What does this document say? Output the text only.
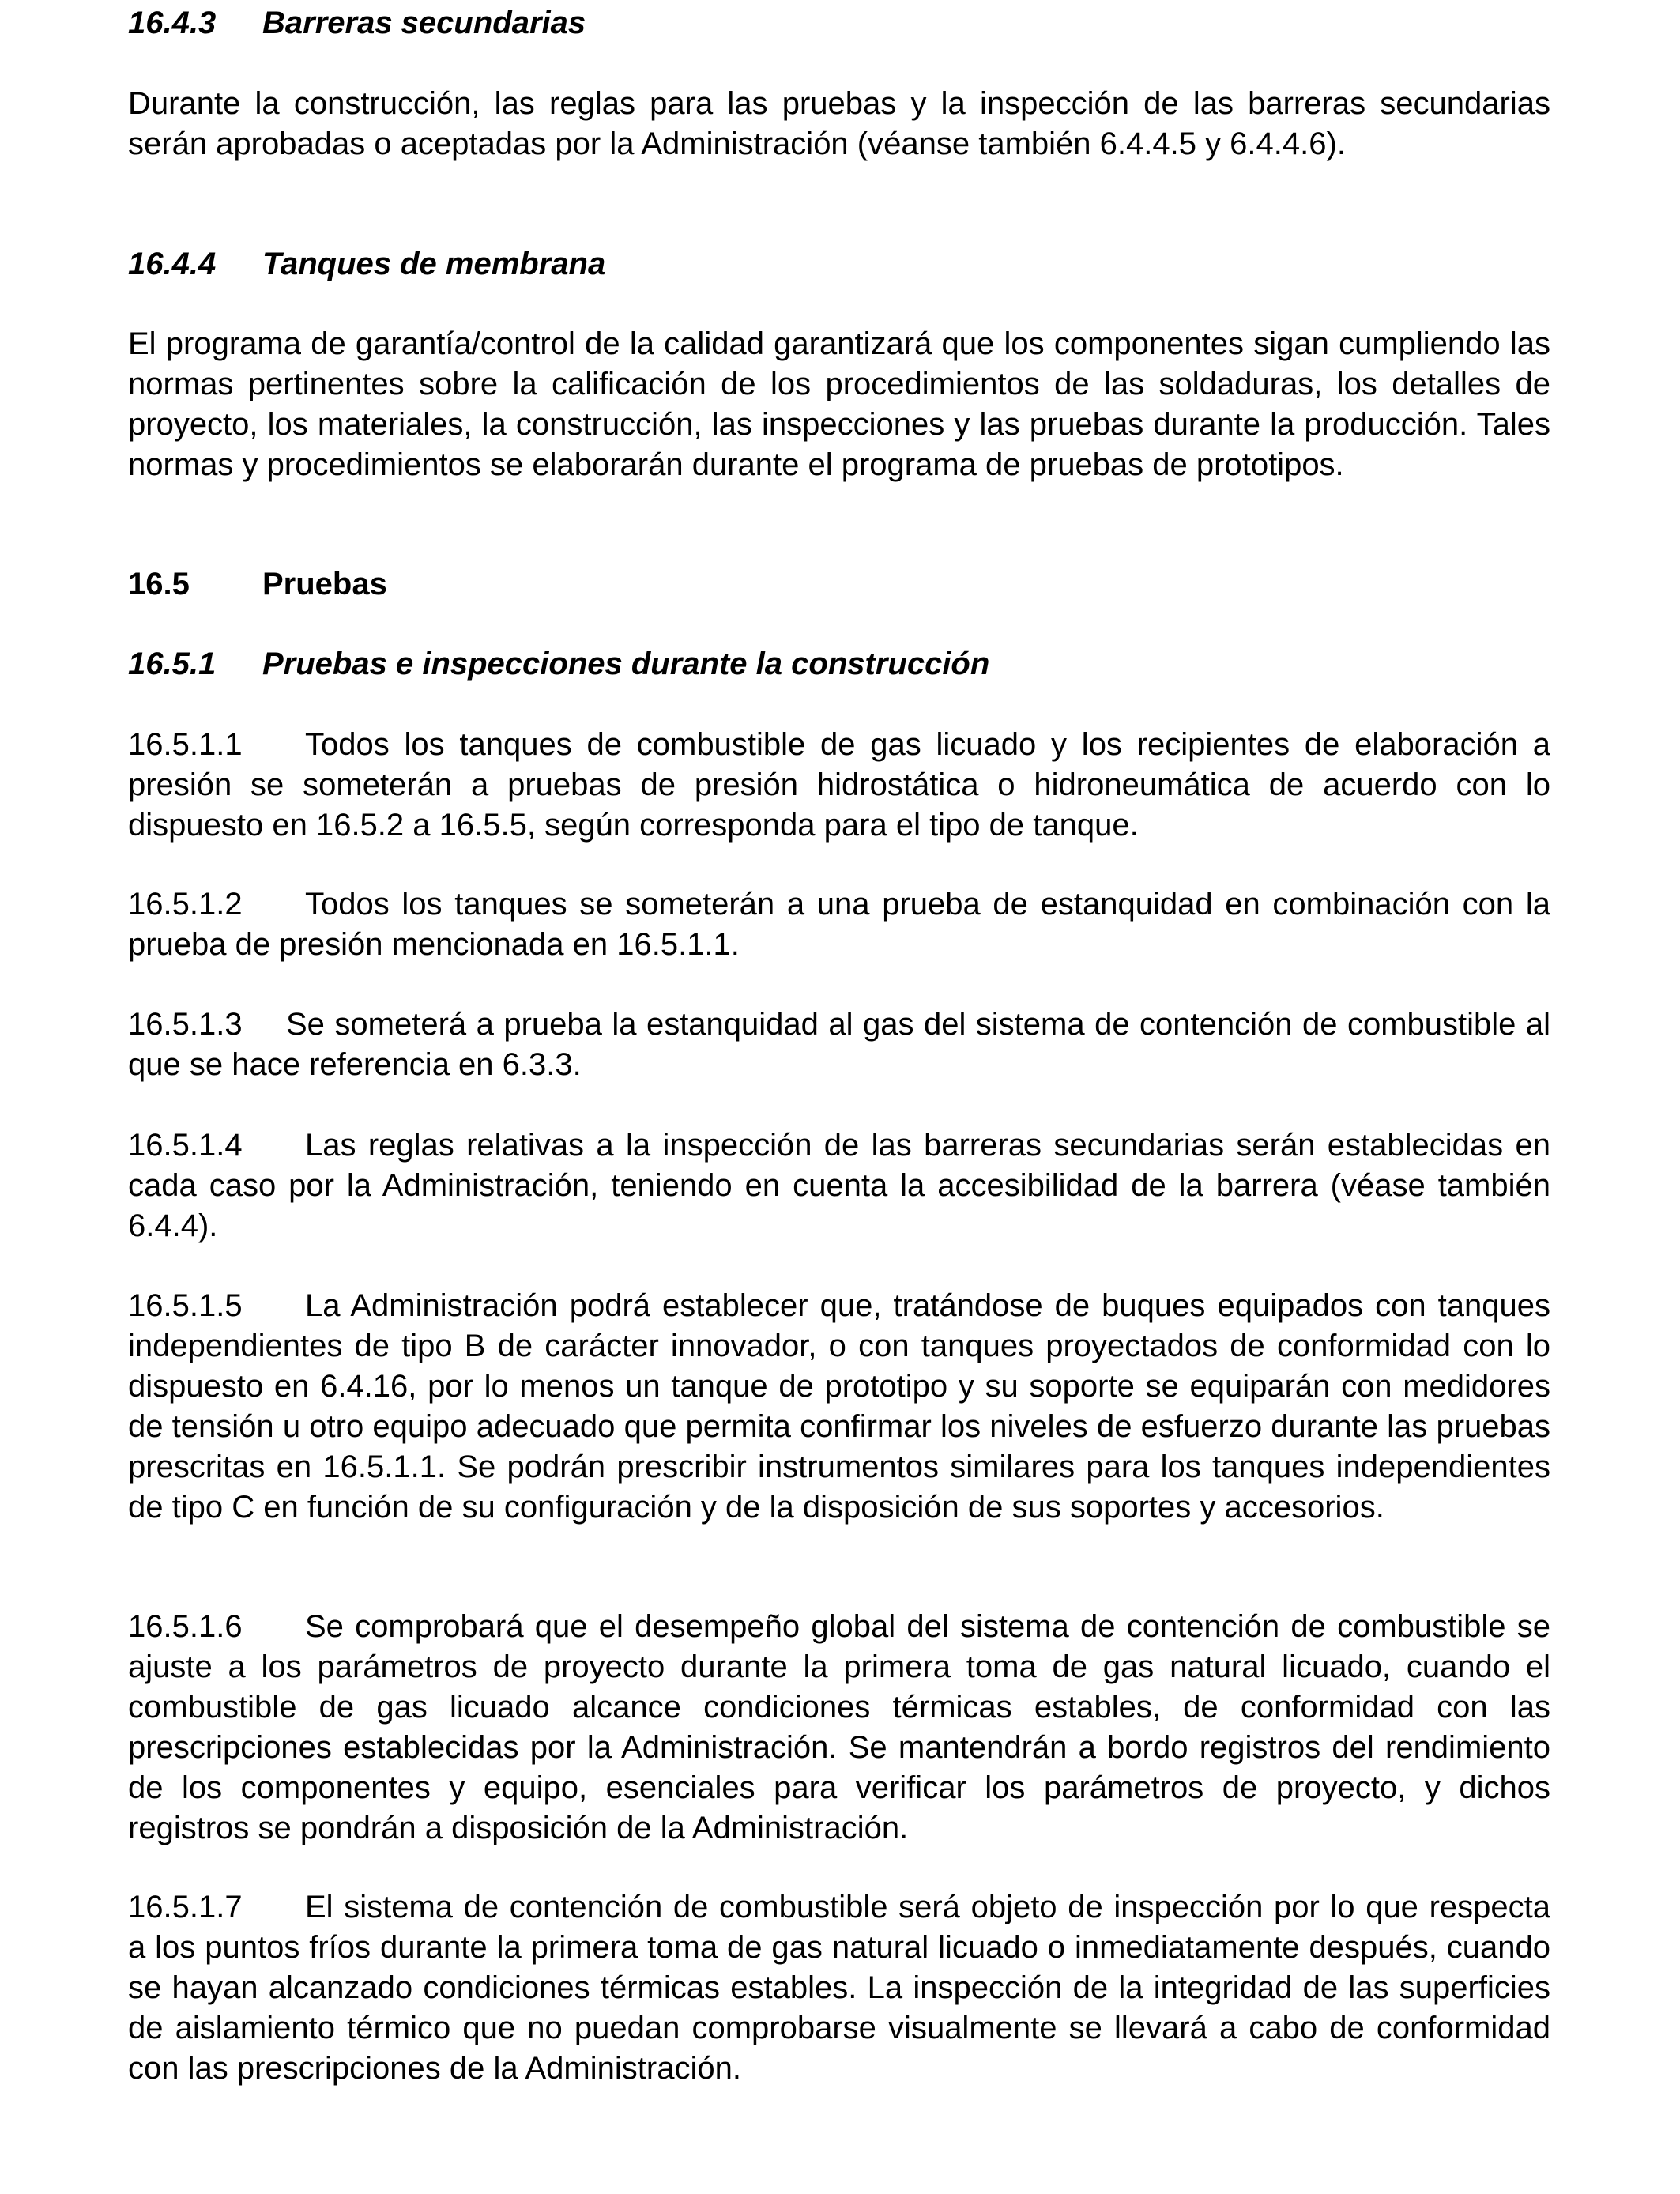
16.4.3 Barreras secundarias

Durante la construcción, las reglas para las pruebas y la inspección de las barreras secundarias serán aprobadas o aceptadas por la Administración (véanse también 6.4.4.5 y 6.4.4.6).

16.4.4 Tanques de membrana

El programa de garantía/control de la calidad garantizará que los componentes sigan cumpliendo las normas pertinentes sobre la calificación de los procedimientos de las soldaduras, los detalles de proyecto, los materiales, la construcción, las inspecciones y las pruebas durante la producción. Tales normas y procedimientos se elaborarán durante el programa de pruebas de prototipos.

16.5 Pruebas
16.5.1 Pruebas e inspecciones durante la construcción

16.5.1.1 Todos los tanques de combustible de gas licuado y los recipientes de elaboración a presión se someterán a pruebas de presión hidrostática o hidroneumática de acuerdo con lo dispuesto en 16.5.2 a 16.5.5, según corresponda para el tipo de tanque.

16.5.1.2 Todos los tanques se someterán a una prueba de estanquidad en combinación con la prueba de presión mencionada en 16.5.1.1.

16.5.1.3 Se someterá a prueba la estanquidad al gas del sistema de contención de combustible al que se hace referencia en 6.3.3.

16.5.1.4 Las reglas relativas a la inspección de las barreras secundarias serán establecidas en cada caso por la Administración, teniendo en cuenta la accesibilidad de la barrera (véase también 6.4.4).

16.5.1.5 La Administración podrá establecer que, tratándose de buques equipados con tanques independientes de tipo B de carácter innovador, o con tanques proyectados de conformidad con lo dispuesto en 6.4.16, por lo menos un tanque de prototipo y su soporte se equiparán con medidores de tensión u otro equipo adecuado que permita confirmar los niveles de esfuerzo durante las pruebas prescritas en 16.5.1.1. Se podrán prescribir instrumentos similares para los tanques independientes de tipo C en función de su configuración y de la disposición de sus soportes y accesorios.

16.5.1.6 Se comprobará que el desempeño global del sistema de contención de combustible se ajuste a los parámetros de proyecto durante la primera toma de gas natural licuado, cuando el combustible de gas licuado alcance condiciones térmicas estables, de conformidad con las prescripciones establecidas por la Administración. Se mantendrán a bordo registros del rendimiento de los componentes y equipo, esenciales para verificar los parámetros de proyecto, y dichos registros se pondrán a disposición de la Administración.

16.5.1.7 El sistema de contención de combustible será objeto de inspección por lo que respecta a los puntos fríos durante la primera toma de gas natural licuado o inmediatamente después, cuando se hayan alcanzado condiciones térmicas estables. La inspección de la integridad de las superficies de aislamiento térmico que no puedan comprobarse visualmente se llevará a cabo de conformidad con las prescripciones de la Administración.
